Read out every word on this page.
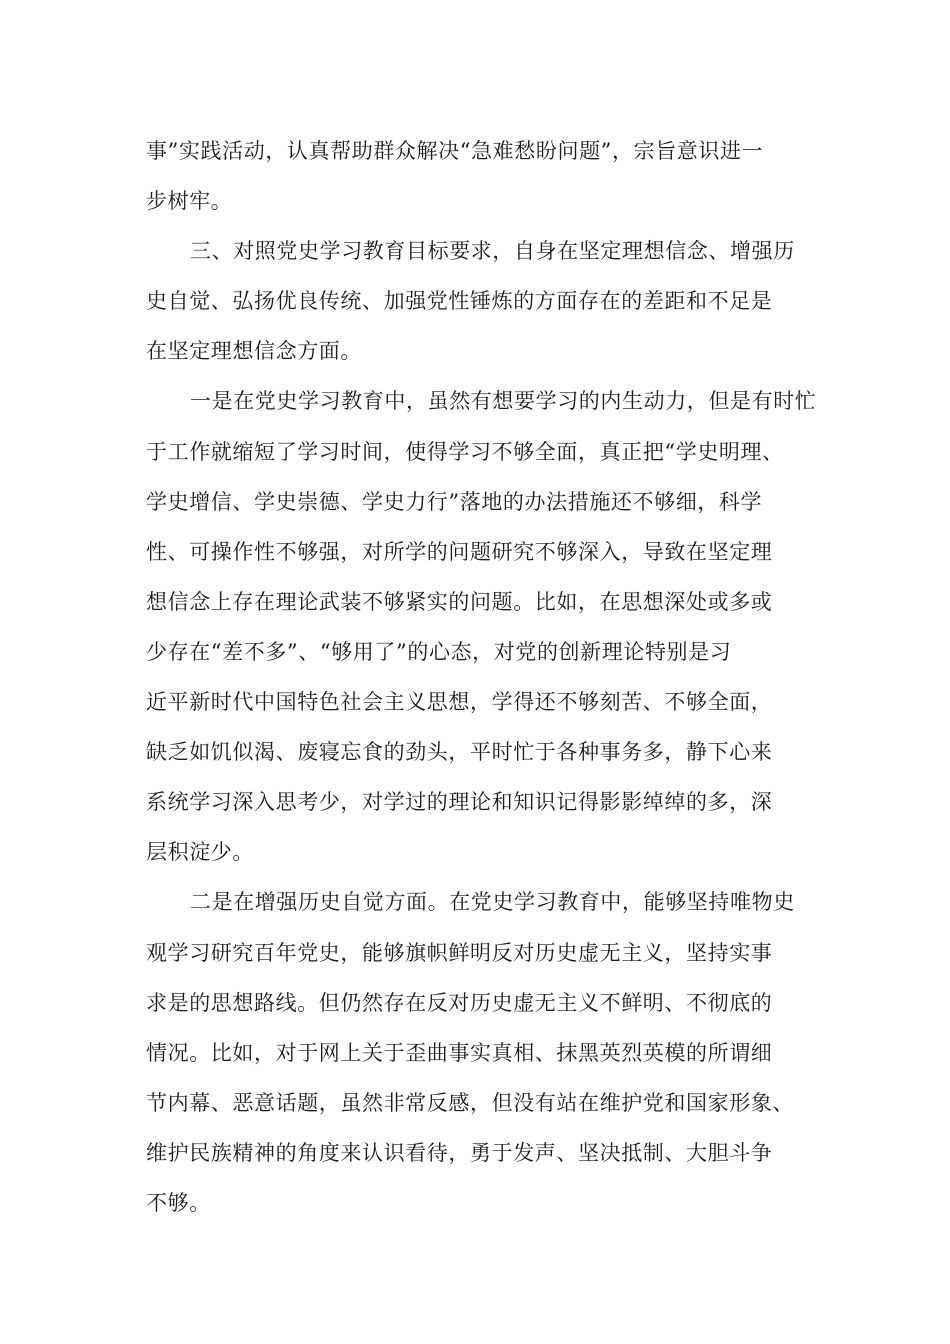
事”实践活动，认真帮助群众解决“急难愁盼问题”，宗旨意识进一
步树牢。

三、对照党史学习教育目标要求，自身在坚定理想信念、增强历
史自觉、弘扬优良传统、加强党性锤炼的方面存在的差距和不足是
在坚定理想信念方面。

一是在党史学习教育中，虽然有想要学习的内生动力，但是有时忙
于工作就缩短了学习时间，使得学习不够全面，真正把“学史明理、
学史增信、学史崇德、学史力行”落地的办法措施还不够细，科学
性、可操作性不够强，对所学的问题研究不够深入，导致在坚定理
想信念上存在理论武装不够紧实的问题。比如，在思想深处或多或
少存在“差不多”、“够用了”的心态，对党的创新理论特别是习
近平新时代中国特色社会主义思想，学得还不够刻苦、不够全面，
缺乏如饥似渴、废寝忘食的劲头，平时忙于各种事务多，静下心来
系统学习深入思考少，对学过的理论和知识记得影影绰绰的多，深
层积淀少。

二是在增强历史自觉方面。在党史学习教育中，能够坚持唯物史
观学习研究百年党史，能够旗帜鲜明反对历史虚无主义，坚持实事
求是的思想路线。但仍然存在反对历史虚无主义不鲜明、不彻底的
情况。比如，对于网上关于歪曲事实真相、抹黑英烈英模的所谓细
节内幕、恶意话题，虽然非常反感，但没有站在维护党和国家形象、
维护民族精神的角度来认识看待，勇于发声、坚决抵制、大胆斗争
不够。
